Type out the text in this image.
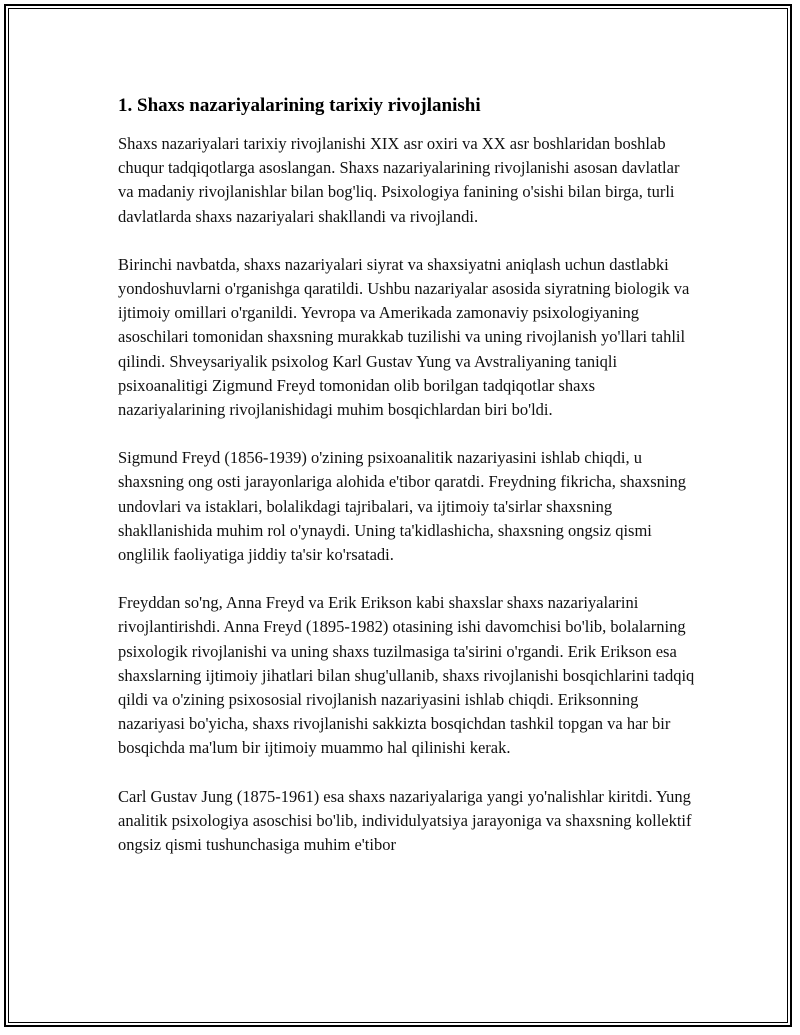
1. Shaxs nazariyalarining tarixiy rivojlanishi

Shaxs nazariyalari tarixiy rivojlanishi XIX asr oxiri va XX asr boshlaridan boshlab chuqur tadqiqotlarga asoslangan. Shaxs nazariyalarining rivojlanishi asosan davlatlar va madaniy rivojlanishlar bilan bog'liq. Psixologiya fanining o'sishi bilan birga, turli davlatlarda shaxs nazariyalari shakllandi va rivojlandi.

Birinchi navbatda, shaxs nazariyalari siyrat va shaxsiyatni aniqlash uchun dastlabki yondoshuvlarni o'rganishga qaratildi. Ushbu nazariyalar asosida siyratning biologik va ijtimoiy omillari o'rganildi. Yevropa va Amerikada zamonaviy psixologiyaning asoschilari tomonidan shaxsning murakkab tuzilishi va uning rivojlanish yo'llari tahlil qilindi. Shveysariyalik psixolog Karl Gustav Yung va Avstraliyaning taniqli psixoanalitigi Zigmund Freyd tomonidan olib borilgan tadqiqotlar shaxs nazariyalarining rivojlanishidagi muhim bosqichlardan biri bo'ldi.

Sigmund Freyd (1856-1939) o'zining psixoanalitik nazariyasini ishlab chiqdi, u shaxsning ong osti jarayonlariga alohida e'tibor qaratdi. Freydning fikricha, shaxsning undovlari va istaklari, bolalikdagi tajribalari, va ijtimoiy ta'sirlar shaxsning shakllanishida muhim rol o'ynaydi. Uning ta'kidlashicha, shaxsning ongsiz qismi onglilik faoliyatiga jiddiy ta'sir ko'rsatadi.

Freyddan so'ng, Anna Freyd va Erik Erikson kabi shaxslar shaxs nazariyalarini rivojlantirishdi. Anna Freyd (1895-1982) otasining ishi davomchisi bo'lib, bolalarning psixologik rivojlanishi va uning shaxs tuzilmasiga ta'sirini o'rgandi. Erik Erikson esa shaxslarning ijtimoiy jihatlari bilan shug'ullanib, shaxs rivojlanishi bosqichlarini tadqiq qildi va o'zining psixososial rivojlanish nazariyasini ishlab chiqdi. Eriksonning nazariyasi bo'yicha, shaxs rivojlanishi sakkizta bosqichdan tashkil topgan va har bir bosqichda ma'lum bir ijtimoiy muammo hal qilinishi kerak.

Carl Gustav Jung (1875-1961) esa shaxs nazariyalariga yangi yo'nalishlar kiritdi. Yung analitik psixologiya asoschisi bo'lib, individulyatsiya jarayoniga va shaxsning kollektif ongsiz qismi tushunchasiga muhim e'tibor
